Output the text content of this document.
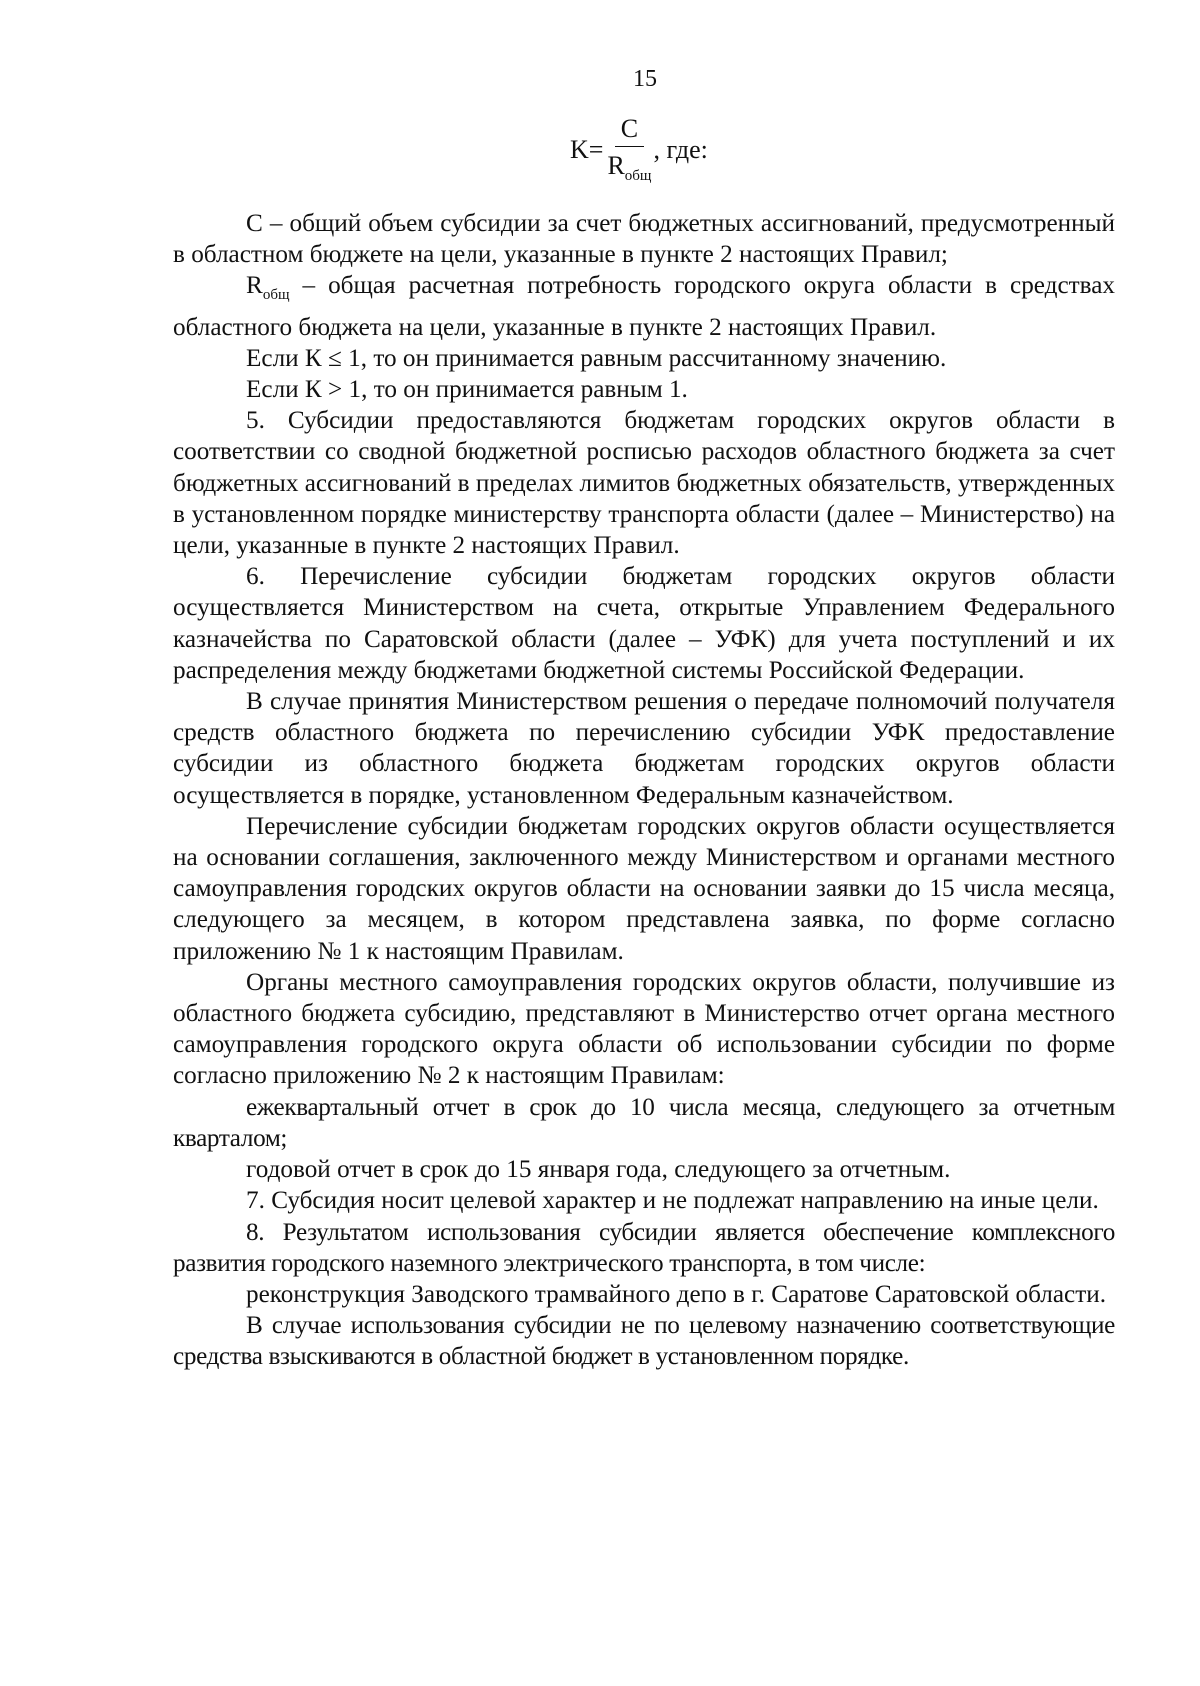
15
$K= \frac{C}{R_{общ}}$ , где:

С – общий объем субсидии за счет бюджетных ассигнований, предусмотренный в областном бюджете на цели, указанные в пункте 2 настоящих Правил;

$R_{общ}$ – общая расчетная потребность городского округа области в средствах областного бюджета на цели, указанные в пункте 2 настоящих Правил.

Если К ≤ 1, то он принимается равным рассчитанному значению.

Если К > 1, то он принимается равным 1.

5. Субсидии предоставляются бюджетам городских округов области в соответствии со сводной бюджетной росписью расходов областного бюджета за счет бюджетных ассигнований в пределах лимитов бюджетных обязательств, утвержденных в установленном порядке министерству транспорта области (далее – Министерство) на цели, указанные в пункте 2 настоящих Правил.

6. Перечисление субсидии бюджетам городских округов области осуществляется Министерством на счета, открытые Управлением Федерального казначейства по Саратовской области (далее – УФК) для учета поступлений и их распределения между бюджетами бюджетной системы Российской Федерации.

В случае принятия Министерством решения о передаче полномочий получателя средств областного бюджета по перечислению субсидии УФК предоставление субсидии из областного бюджета бюджетам городских округов области осуществляется в порядке, установленном Федеральным казначейством.

Перечисление субсидии бюджетам городских округов области осуществляется на основании соглашения, заключенного между Министерством и органами местного самоуправления городских округов области на основании заявки до 15 числа месяца, следующего за месяцем, в котором представлена заявка, по форме согласно приложению № 1 к настоящим Правилам.

Органы местного самоуправления городских округов области, получившие из областного бюджета субсидию, представляют в Министерство отчет органа местного самоуправления городского округа области об использовании субсидии по форме согласно приложению № 2 к настоящим Правилам:

ежеквартальный отчет в срок до 10 числа месяца, следующего за отчетным кварталом;

годовой отчет в срок до 15 января года, следующего за отчетным.

7. Субсидия носит целевой характер и не подлежат направлению на иные цели.

8. Результатом использования субсидии является обеспечение комплексного развития городского наземного электрического транспорта, в том числе:

реконструкция Заводского трамвайного депо в г. Саратове Саратовской области.

В случае использования субсидии не по целевому назначению соответствующие средства взыскиваются в областной бюджет в установленном порядке.
